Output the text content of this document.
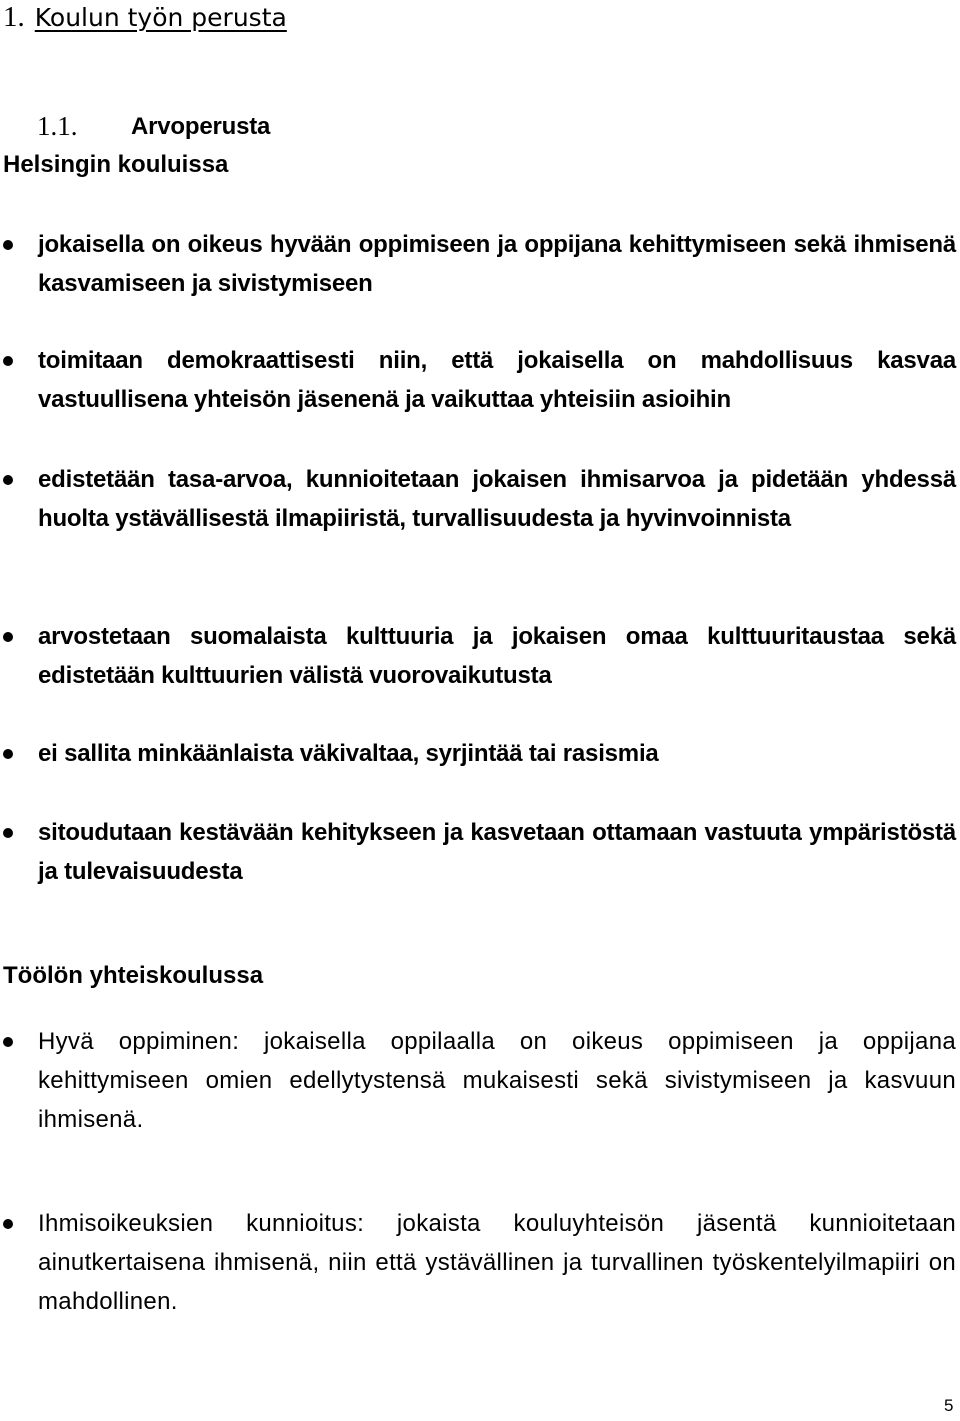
1. Koulun työn perusta
1.1. Arvoperusta
Helsingin kouluissa
jokaisella on oikeus hyvään oppimiseen ja oppijana kehittymiseen sekä ihmisenä kasvamiseen ja sivistymiseen
toimitaan demokraattisesti niin, että jokaisella on mahdollisuus kasvaa vastuullisena yhteisön jäsenenä ja vaikuttaa yhteisiin asioihin
edistetään tasa-arvoa, kunnioitetaan jokaisen ihmisarvoa ja pidetään yhdessä huolta ystävällisestä ilmapiiristä, turvallisuudesta ja hyvinvoinnista
arvostetaan suomalaista kulttuuria ja jokaisen omaa kulttuuritaustaa sekä edistetään kulttuurien välistä vuorovaikutusta
ei sallita minkäänlaista väkivaltaa, syrjintää tai rasismia
sitoudutaan kestävään kehitykseen ja kasvetaan ottamaan vastuuta ympäristöstä ja tulevaisuudesta
Töölön yhteiskoulussa
Hyvä oppiminen: jokaisella oppilaalla on oikeus oppimiseen ja oppijana kehittymiseen omien edellytystensä mukaisesti sekä sivistymiseen ja kasvuun ihmisenä.
Ihmisoikeuksien kunnioitus: jokaista kouluyhteisön jäsentä kunnioitetaan ainutkertaisena ihmisenä, niin että ystävällinen ja turvallinen työskentelyilmapiiri on mahdollinen.
5
